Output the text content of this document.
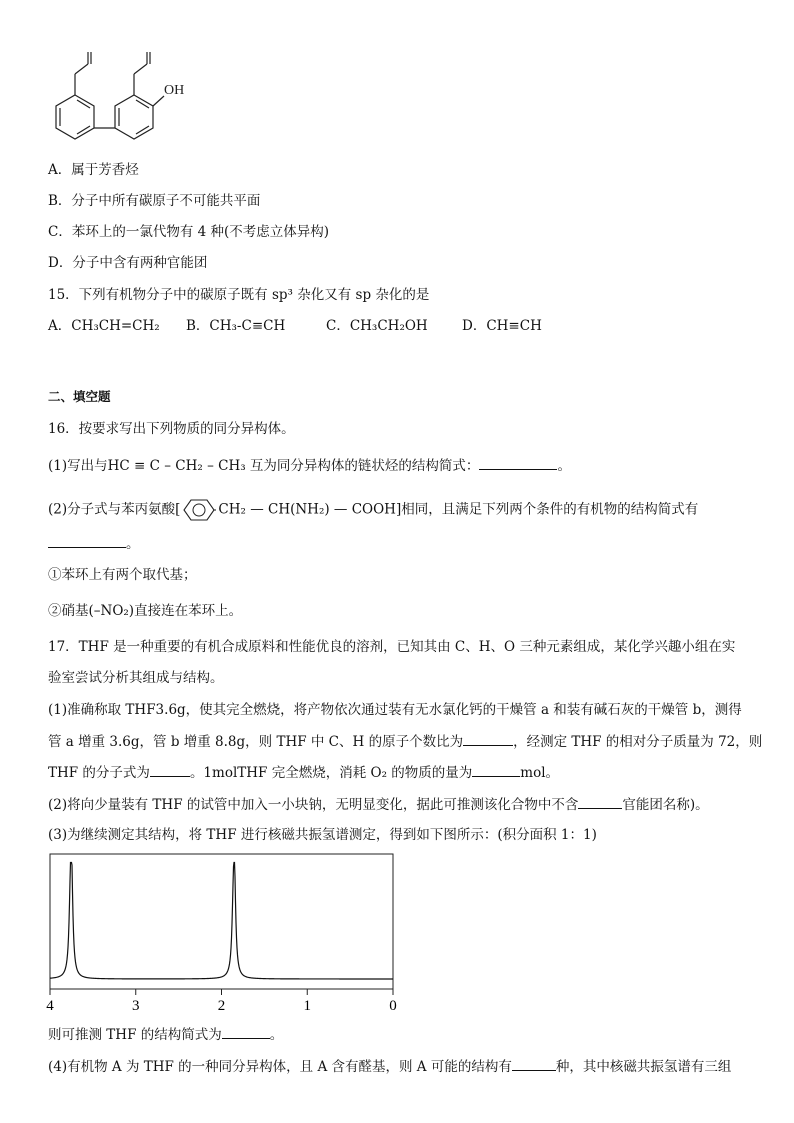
OH
A．属于芳香烃
B．分子中所有碳原子不可能共平面
C．苯环上的一氯代物有 4 种(不考虑立体异构)
D．分子中含有两种官能团
15．下列有机物分子中的碳原子既有 sp³ 杂化又有 sp 杂化的是
A．CH₃CH=CH₂ B．CH₃-C≡CH	C．CH₃CH₂OH	D．CH≡CH
二、填空题
16．按要求写出下列物质的同分异构体。
(1)写出与HC ≡ C – CH₂ – CH₃ 互为同分异构体的链状烃的结构简式：	。
(2)分子式与苯丙氨酸[	CH₂ — CH(NH₂) — COOH]相同，且满足下列两个条件的有机物的结构简式有
。
①苯环上有两个取代基；
②硝基(–NO₂)直接连在苯环上。
17．THF 是一种重要的有机合成原料和性能优良的溶剂，已知其由 C、H、O 三种元素组成，某化学兴趣小组在实
验室尝试分析其组成与结构。
(1)准确称取 THF3.6g，使其完全燃烧，将产物依次通过装有无水氯化钙的干燥管 a 和装有碱石灰的干燥管 b，测得
管 a 增重 3.6g，管 b 增重 8.8g，则 THF 中 C、H 的原子个数比为	，经测定 THF 的相对分子质量为 72，则
THF 的分子式为	。1molTHF 完全燃烧，消耗 O₂ 的物质的量为	mol。
(2)将向少量装有 THF 的试管中加入一小块钠，无明显变化，据此可推测该化合物中不含	官能团名称)。
(3)为继续测定其结构，将 THF 进行核磁共振氢谱测定，得到如下图所示：(积分面积 1：1)
4	3	2	1	0
则可推测 THF 的结构简式为	。
(4)有机物 A 为 THF 的一种同分异构体，且 A 含有醛基，则 A 可能的结构有	种，其中核磁共振氢谱有三组
